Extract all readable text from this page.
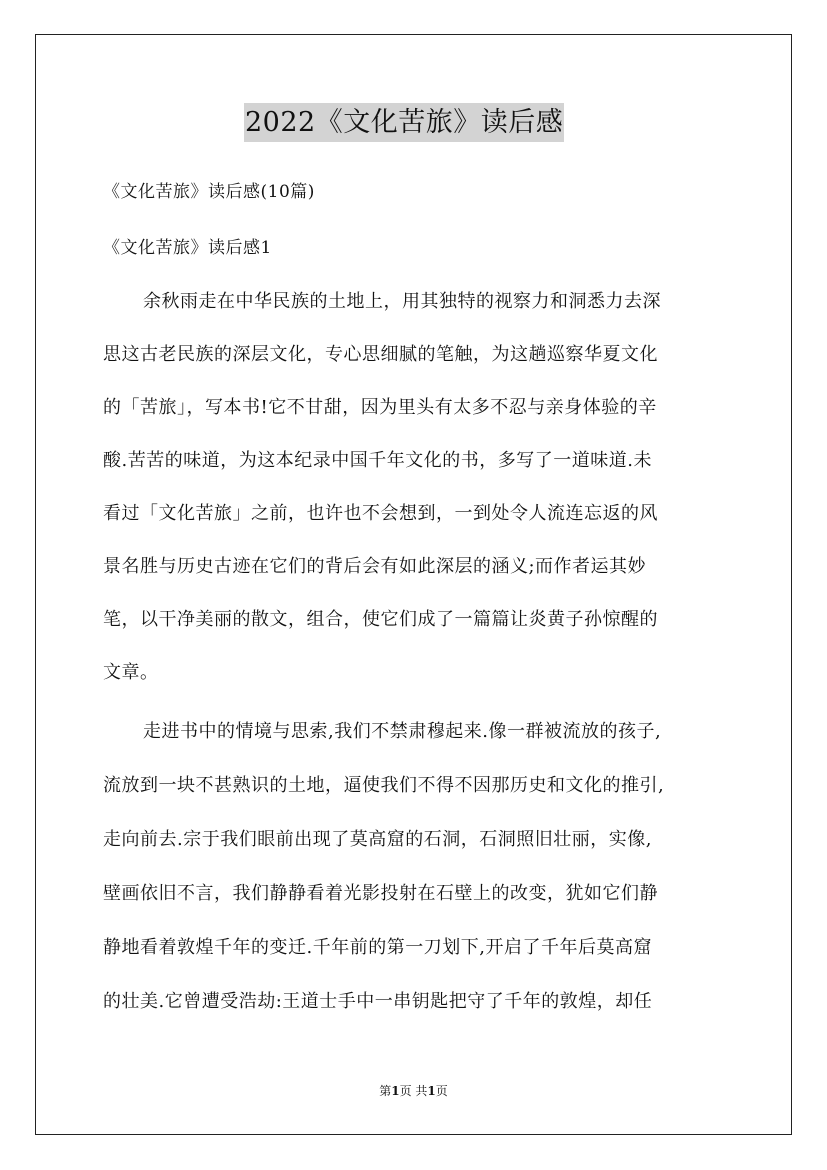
2022《文化苦旅》读后感
《文化苦旅》读后感(10篇)
《文化苦旅》读后感1
余秋雨走在中华民族的土地上，用其独特的视察力和洞悉力去深
思这古老民族的深层文化，专心思细腻的笔触，为这趟巡察华夏文化
的「苦旅」，写本书!它不甘甜，因为里头有太多不忍与亲身体验的辛
酸.苦苦的味道，为这本纪录中国千年文化的书，多写了一道味道.未
看过「文化苦旅」之前，也许也不会想到，一到处令人流连忘返的风
景名胜与历史古迹在它们的背后会有如此深层的涵义;而作者运其妙
笔，以干净美丽的散文，组合，使它们成了一篇篇让炎黄子孙惊醒的
文章。
走进书中的情境与思索,我们不禁肃穆起来.像一群被流放的孩子,
流放到一块不甚熟识的土地，逼使我们不得不因那历史和文化的推引,
走向前去.宗于我们眼前出现了莫高窟的石洞，石洞照旧壮丽，实像,
壁画依旧不言，我们静静看着光影投射在石壁上的改变，犹如它们静
静地看着敦煌千年的变迁.千年前的第一刀划下,开启了千年后莫高窟
的壮美.它曾遭受浩劫:王道士手中一串钥匙把守了千年的敦煌，却任
第1页 共1页
